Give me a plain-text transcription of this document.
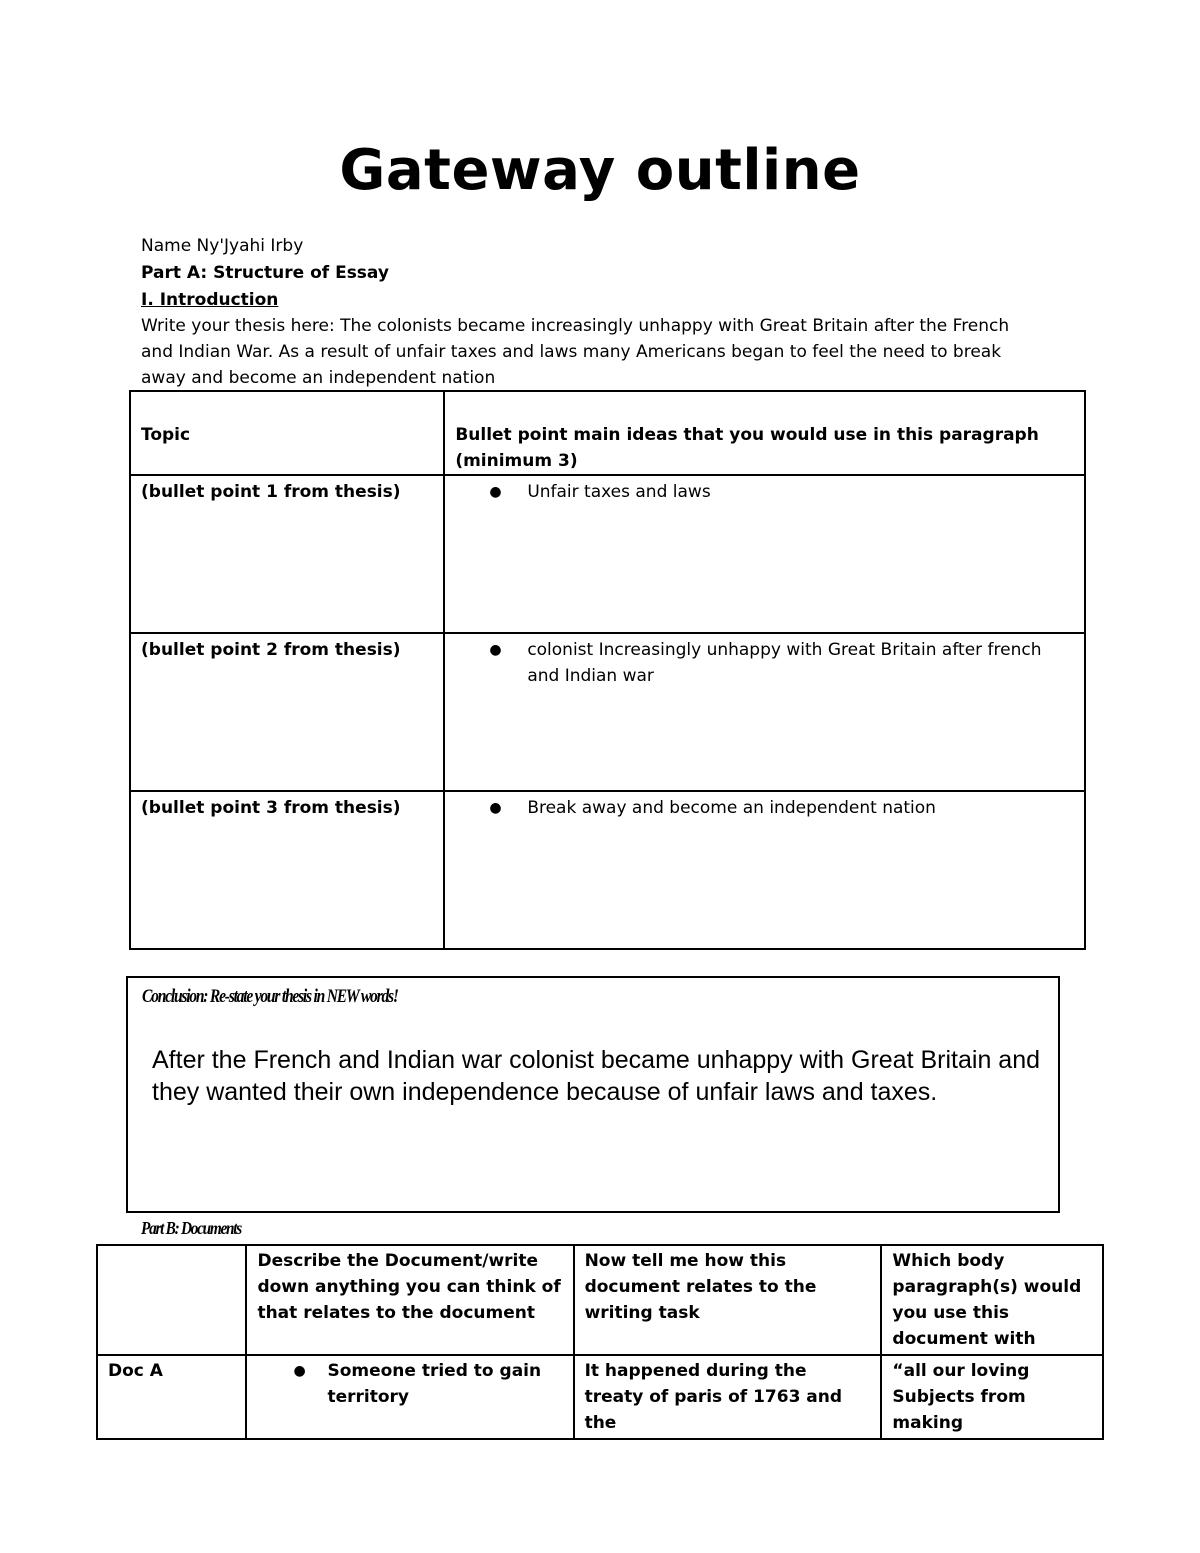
Gateway outline
Name Ny'Jyahi Irby
Part A: Structure of Essay
I. Introduction
Write your thesis here: The colonists became increasingly unhappy with Great Britain after the French and Indian War. As a result of unfair taxes and laws many Americans began to feel the need to break away and become an independent nation
Topic	Bullet point main ideas that you would use in this paragraph (minimum 3)
(bullet point 1 from thesis)	● Unfair taxes and laws

(bullet point 2 from thesis)	● colonist Increasingly unhappy with Great Britain after french and Indian war

(bullet point 3 from thesis)	● Break away and become an independent nation
Conclusion: Re-state your thesis in NEW words!
After the French and Indian war colonist became unhappy with Great Britain and they wanted their own independence because of unfair laws and taxes.
Part B: Documents
	Describe the Document/write down anything you can think of that relates to the document	Now tell me how this document relates to the writing task	Which body paragraph(s) would you use this document with
Doc A	● Someone tried to gain territory	It happened during the treaty of paris of 1763 and the	“all our loving Subjects from making
